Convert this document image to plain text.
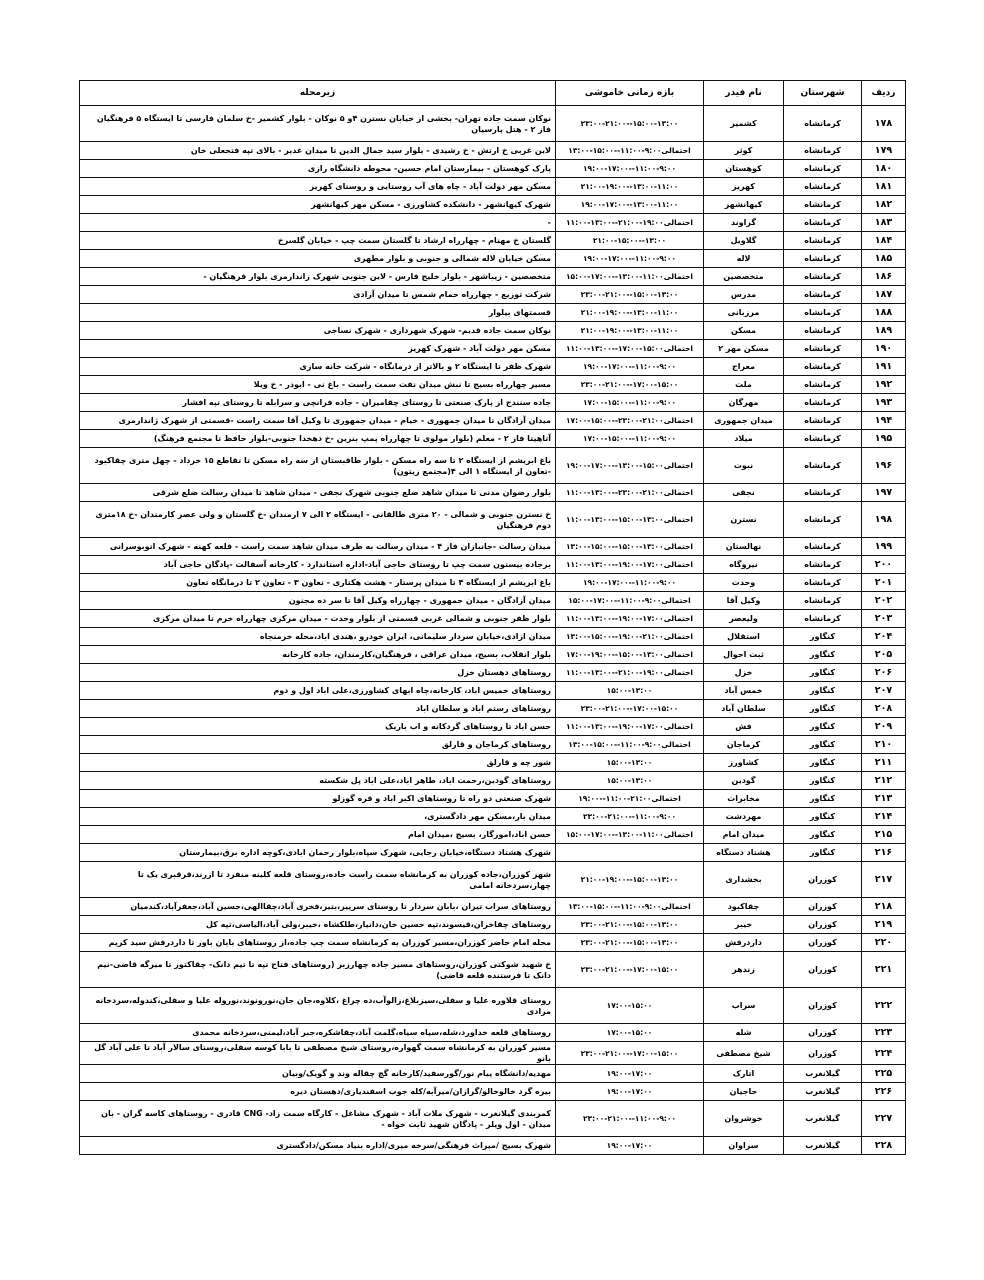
ردیف	شهرستان	نام فیدر	بازه زمانی خاموشی	زیرمحله
۱۷۸	کرمانشاه	کشمیر	۲۳:۰۰-۲۱:۰۰--۱۵:۰۰-۱۳:۰۰	نوکان سمت جاده تهران- بخشی از خیابان نسترن ۴و ۵ نوکان - بلوار کشمیر -خ سلمان فارسی تا ایستگاه ۵ فرهنگیان فاز ۲ - هتل پارسیان
۱۷۹	کرمانشاه	کوثر	احتمالی۹:۰۰-۱۱:۰۰--۱۵:۰۰-۱۳:۰۰	لاین غربی خ ارتش - خ رشیدی - بلوار سید جمال الدین تا میدان غدیر - بالای تپه فتحعلی خان
۱۸۰	کرمانشاه	کوهستان	۱۹:۰۰-۱۷:۰۰--۱۱:۰۰-۹:۰۰	پارک کوهستان - بیمارستان امام حسین- محوطه دانشگاه رازی
۱۸۱	کرمانشاه	کهریز	۲۱:۰۰-۱۹:۰۰--۱۳:۰۰-۱۱:۰۰	مسکن مهر دولت آباد - چاه های آب روستایی و روستای کهریز
۱۸۲	کرمانشاه	کیهانشهر	۱۹:۰۰-۱۷:۰۰--۱۳:۰۰-۱۱:۰۰	شهرک کیهانشهر - دانشکده کشاورزی - مسکن مهر کیهانشهر
۱۸۳	کرمانشاه	گراوند	احتمالی۱۹:۰۰-۲۱:۰۰--۱۳:۰۰-۱۱:۰۰	-
۱۸۴	کرمانشاه	گلاویل	۲۱:۰۰-۱۵:۰۰--۱۳:۰۰	گلستان خ مهنام - چهارراه ارشاد تا گلستان سمت چپ - خیابان گلسرخ
۱۸۵	کرمانشاه	لاله	۱۹:۰۰-۱۷:۰۰--۱۱:۰۰-۹:۰۰	مسکن خیابان لاله شمالی و جنوبی و بلوار مطهری
۱۸۶	کرمانشاه	متخصصین	احتمالی۱۱:۰۰-۱۳:۰۰--۱۷:۰۰-۱۵:۰۰	متخصصین - زیباشهر - بلوار خلیج فارس - لاین جنوبی شهرک زاندارمری بلوار فرهنگیان -
۱۸۷	کرمانشاه	مدرس	۲۳:۰۰-۲۱:۰۰--۱۵:۰۰-۱۳:۰۰	شرکت توزیع - چهارراه حمام شمس تا میدان آزادی
۱۸۸	کرمانشاه	مرزبانی	۲۱:۰۰-۱۹:۰۰--۱۳:۰۰-۱۱:۰۰	قسمتهای بیلوار
۱۸۹	کرمانشاه	مسکن	۲۱:۰۰-۱۹:۰۰--۱۳:۰۰-۱۱:۰۰	نوکان سمت جاده قدیم- شهرک شهرداری - شهرک نساجی
۱۹۰	کرمانشاه	مسکن مهر ۲	احتمالی۱۵:۰۰-۱۷:۰۰--۱۳:۰۰-۱۱:۰۰	مسکن مهر دولت آباد - شهرک کهریز
۱۹۱	کرمانشاه	معراج	۱۹:۰۰-۱۷:۰۰--۱۱:۰۰-۹:۰۰	شهرک ظفر تا ایستگاه ۲ و بالاتر از درمانگاه - شرکت خانه سازی
۱۹۲	کرمانشاه	ملت	۲۳:۰۰-۲۱:۰۰--۱۷:۰۰-۱۵:۰۰	مسیر چهارراه بسیج تا نبش میدان نفت سمت راست - باغ نی - ابوذر - خ ویلا
۱۹۳	کرمانشاه	مهرگان	۱۷:۰۰-۱۵:۰۰--۱۱:۰۰-۹:۰۰	جاده سنندج از پارک صنعتی تا روستای چقامیران - جاده فرانچی و سرابله تا روستای تپه افشار
۱۹۴	کرمانشاه	میدان جمهوری	احتمالی۲۱:۰۰-۲۳:۰۰--۱۵:۰۰-۱۷:۰۰	میدان آزادگان تا میدان جمهوری - خیام - میدان جمهوری تا وکیل آقا سمت راست -قسمتی از شهرک ژاندارمری
۱۹۵	کرمانشاه	میلاد	۱۷:۰۰-۱۵:۰۰--۱۱:۰۰-۹:۰۰	آتاهیتا فاز ۲ - معلم (بلوار مولوی تا چهارراه پمپ بنزین -خ دهخدا جنوبی-بلوار حافظ تا مجتمع فرهنگ)
۱۹۶	کرمانشاه	نبوت	احتمالی۱۵:۰۰-۱۳:۰۰--۱۷:۰۰-۱۹:۰۰	باغ ابریشم از ایستگاه ۲ تا سه راه مسکن - بلوار طاقبستان از سه راه مسکن تا تقاطع ۱۵ خرداد - چهل متری چقاکبود -تعاون از ایستگاه ۱ الی ۴(مجتمع زیتون)
۱۹۷	کرمانشاه	نجفی	احتمالی۲۱:۰۰-۲۳:۰۰--۱۳:۰۰-۱۱:۰۰	بلوار رضوان مدنی تا میدان شاهد ضلع جنوبی شهرک نجفی - میدان شاهد تا میدان رسالت ضلع شرقی
۱۹۸	کرمانشاه	نسترن	احتمالی۱۳:۰۰-۱۵:۰۰--۱۳:۰۰-۱۱:۰۰	خ نسترن جنوبی و شمالی - ۲۰ متری طالقانی - ایستگاه ۲ الی ۷ ارمندان -خ گلستان و ولی عصر کارمندان -خ ۱۸متری دوم فرهنگیان
۱۹۹	کرمانشاه	نهالستان	احتمالی۱۳:۰۰-۱۵:۰۰--۱۵:۰۰-۱۳:۰۰	میدان رسالت -جانبازان فاز ۴ - میدان رسالت به طرف میدان شاهد سمت راست - قلعه کهنه - شهرک اتوبوسرانی
۲۰۰	کرمانشاه	نیروگاه	احتمالی۱۷:۰۰-۱۹:۰۰--۱۳:۰۰-۱۱:۰۰	بزجاده بیستون سمت چپ تا روستای حاجی آباد-اداره استاندارد - کارخانه آسفالت -پادگان حاجی آباد
۲۰۱	کرمانشاه	وحدت	۱۹:۰۰-۱۷:۰۰--۱۱:۰۰-۹:۰۰	باغ ابریشم از ایستگاه ۴ تا میدان پرستار - هشت هکتاری - تعاون ۳ - تعاون ۲ تا درمانگاه تعاون
۲۰۲	کرمانشاه	وکیل آقا	احتمالی۹:۰۰-۱۱:۰۰--۱۷:۰۰-۱۵:۰۰	میدان آزادگان - میدان جمهوری - چهارراه وکیل آقا تا سر ده مجنون
۲۰۳	کرمانشاه	ولیعصر	احتمالی۱۷:۰۰-۱۹:۰۰--۱۳:۰۰-۱۱:۰۰	بلوار ظفر جنوبی و شمالی غربی قسمتی از بلوار وحدت - میدان مرکزی چهارراه خرم تا میدان مرکزی
۲۰۴	کنگاور	استقلال	احتمالی۲۱:۰۰-۱۹:۰۰--۱۵:۰۰-۱۳:۰۰	میدان ازادی،خیابان سردار سلیمانی، ایران خودرو ،هندی اباد،محله خرمنجاه
۲۰۵	کنگاور	ثبت احوال	احتمالی۱۳:۰۰-۱۵:۰۰--۱۹:۰۰-۱۷:۰۰	بلوار انقلاب، بسیج، میدان عراقی ، فرهنگیان،کارمندان، جاده کارخانه
۲۰۶	کنگاور	خزل	احتمالی۱۹:۰۰-۲۱:۰۰--۱۳:۰۰-۱۱:۰۰	روستاهای دهستان خزل
۲۰۷	کنگاور	خمس آباد	۱۵:۰۰-۱۳:۰۰	روستاهای خمیس اباد، کارخانه،چاه ابهای کشاورزی،علی اباد اول و دوم
۲۰۸	کنگاور	سلطان آباد	۲۳:۰۰-۲۱:۰۰--۱۷:۰۰-۱۵:۰۰	روستاهای رستم اباد و سلطان اباد
۲۰۹	کنگاور	فش	احتمالی۱۷:۰۰-۱۹:۰۰--۱۳:۰۰-۱۱:۰۰	حسن اباد تا روستاهای گردکانه و اب باریک
۲۱۰	کنگاور	کرماجان	احتمالی۹:۰۰-۱۱:۰۰--۱۵:۰۰-۱۳:۰۰	روستاهای کرماجان و قارلق
۲۱۱	کنگاور	کشاورز	۱۵:۰۰-۱۳:۰۰	شور چه و قارلق
۲۱۲	کنگاور	گودین	۱۵:۰۰-۱۳:۰۰	روستاهای گودین،رحمت اباد، طاهر اباد،علی اباد پل شکسته
۲۱۳	کنگاور	مخابرات	احتمالی۲۱:۰۰-۱۱:۰۰--۱۹:۰۰	شهرک صنعتی دو راه تا روستاهای اکبر اباد و قره گوزلو
۲۱۴	کنگاور	مهردشت	۲۳:۰۰-۲۱:۰۰--۱۱:۰۰-۹:۰۰	میدان بار،مسکن مهر دادگستری،
۲۱۵	کنگاور	میدان امام	احتمالی۱۱:۰۰-۱۳:۰۰--۱۷:۰۰-۱۵:۰۰	حسن اباد،اموزگار، بسیج ،میدان امام
۲۱۶	کنگاور	هشتاد دستگاه		شهرک هشتاد دستگاه،خیابان رجایی، شهرک سپاه،بلوار رحمان ابادی،کوچه اداره برق،بیمارستان
۲۱۷	کوزران	بخشداری	۲۱:۰۰-۱۹:۰۰--۱۵:۰۰-۱۳:۰۰	شهر کوزران،جاده کوزران به کرمانشاه سمت راست جاده،روستای قلعه کلینه منفرد تا ازرند،قرقبری یک تا چهار،سردخانه امامی
۲۱۸	کوزران	چقاکبود	احتمالی۹:۰۰-۱۱:۰۰--۱۵:۰۰-۱۳:۰۰	روستاهای سراب تیران ،بابان سردار تا روستای سرپیر،بتیر،فخری آباد،چقاالهی،حسین آباد،جعفرآباد،کندمیان
۲۱۹	کوزران	خیبر	۲۳:۰۰-۲۱:۰۰--۱۵:۰۰-۱۳:۰۰	روستاهای چقاخزان،قیسوند،تپه حسین خان،دانیار،طلکشاه ،خیبر،ولی آباد،الیاسی،تپه کل
۲۲۰	کوزران	داردرفش	۲۳:۰۰-۲۱:۰۰--۱۵:۰۰-۱۳:۰۰	محله امام حاضر کوزران،مسیر کوزران به کرمانشاه سمت چپ جاده،از روستاهای بابان باور تا داردرفش سید کریم
۲۲۱	کوزران	زندهر	۲۳:۰۰-۲۱:۰۰--۱۷:۰۰-۱۵:۰۰	خ شهید شوکتی کوزران،روستاهای مسیر جاده چهارزبر (روستاهای فتاح تپه تا تیم دانک- چقاکتوز تا میرگه قاضی-نیم دانک تا فرستنده قلعه قاضی)
۲۲۲	کوزران	سراب	۱۷:۰۰-۱۵:۰۰	روستای قلاوره علیا و سفلی،سیزبلاغ،زالوآب،ده چراغ ،کلاوه،جان جان،نورونوند،نوروله علیا و سفلی،کندوله،سردخانه مرادی
۲۲۳	کوزران	شله	۱۷:۰۰-۱۵:۰۰	روستاهای قلعه خداورد،شله،سیاه سیاه،گلمت آباد،چقاشکره،جبر آباد،لیمنی،سردخانه محمدی
۲۲۴	کوزران	شیخ مصطفی	۲۳:۰۰-۲۱:۰۰--۱۷:۰۰-۱۵:۰۰	مسیر کوزران به کرمانشاه سمت گهواره،روستای شیخ مصطفی تا بابا کوسه سفلی،روستای سالار آباد تا علی آباد گل بانو
۲۲۵	گیلانغرب	اتارک	۱۹:۰۰-۱۷:۰۰	مهدیه/دانشگاه پیام نور/گورسفید/کارخانه گچ چقاله وند و گویک/وبیان
۲۲۶	گیلانغرب	حاجیان	۱۹:۰۰-۱۷:۰۰	بیره گرد خالوخالو/گرازان/میرآبه/کله جوب اسفندیاری/دهستان دیره
۲۲۷	گیلانغرب	خوشروان	۲۳:۰۰-۲۱:۰۰--۱۱:۰۰-۹:۰۰	کمربندی گیلانغرب - شهرک ملات آباد - شهرک مشاغل - کارگاه سمت زاد- CNG قادری - روستاهای کاسه گران - بان میدان - اول ویلر - پادگان شهید ثابت خواه -
۲۲۸	گیلانغرب	سراوان	۱۹:۰۰-۱۷:۰۰	شهرک بسیج /میراث فرهنگی/سرخه میری/اداره بنیاد مسکن/دادگستری
